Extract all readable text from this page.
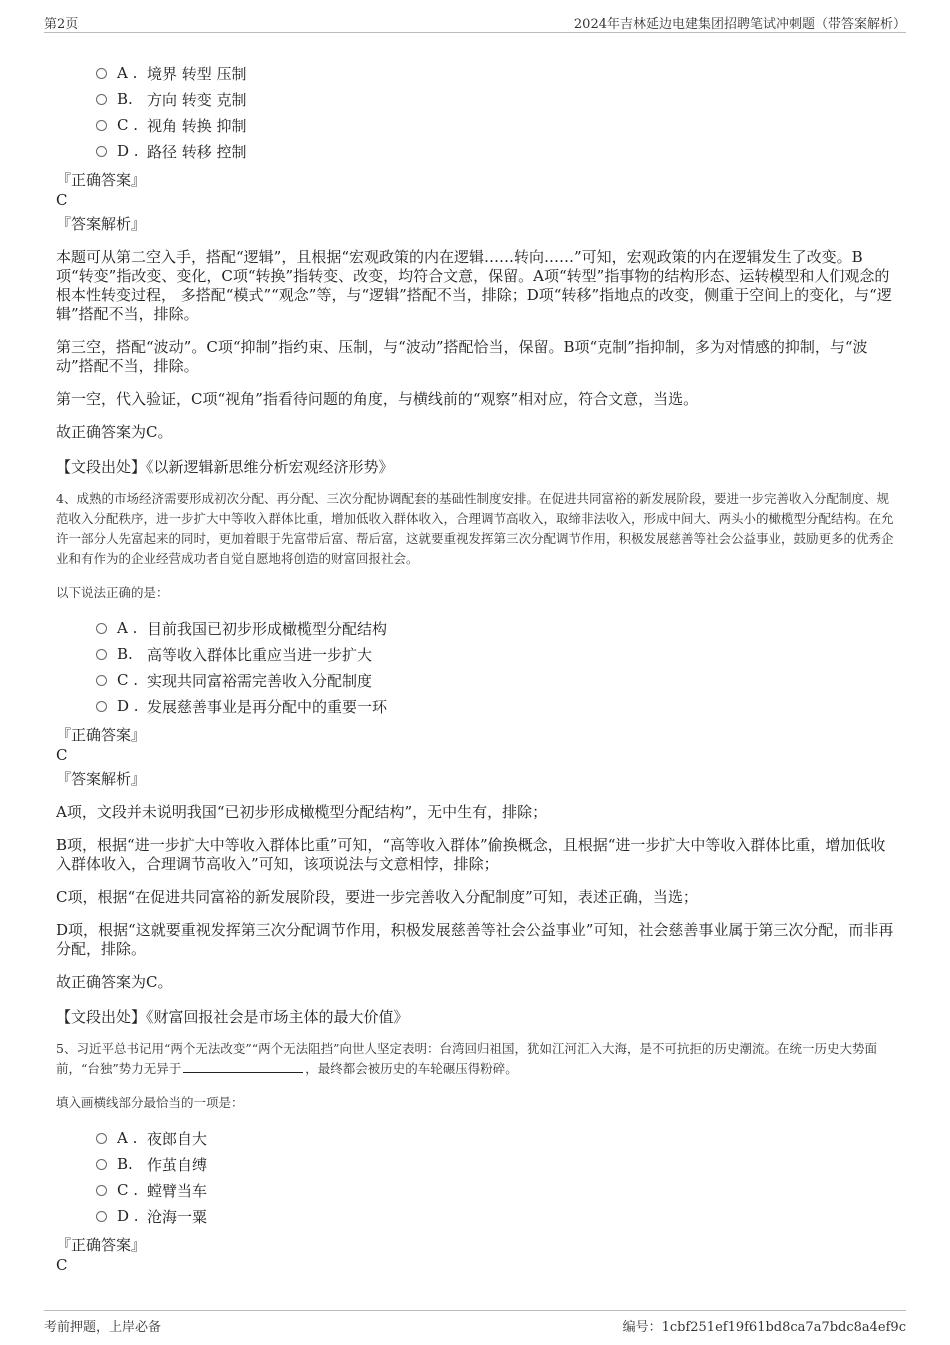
第2页	2024年吉林延边电建集团招聘笔试冲刺题（带答案解析）
A . 境界 转型 压制
B. 方向 转变 克制
C . 视角 转换 抑制
D . 路径 转移 控制
『正确答案』
C
『答案解析』

本题可从第二空入手，搭配“逻辑”，且根据“宏观政策的内在逻辑……转向……”可知，宏观政策的内在逻辑发生了改变。B项“转变”指改变、变化，C项“转换”指转变、改变，均符合文意，保留。A项“转型”指事物的结构形态、运转模型和人们观念的根本性转变过程， 多搭配“模式”“观念”等，与“逻辑”搭配不当，排除；D项“转移”指地点的改变，侧重于空间上的变化，与“逻辑”搭配不当，排除。

第三空，搭配“波动”。C项“抑制”指约束、压制，与“波动”搭配恰当，保留。B项“克制”指抑制，多为对情感的抑制，与“波动”搭配不当，排除。

第一空，代入验证，C项“视角”指看待问题的角度，与横线前的“观察”相对应，符合文意，当选。

故正确答案为C。

【文段出处】《以新逻辑新思维分析宏观经济形势》

4、成熟的市场经济需要形成初次分配、再分配、三次分配协调配套的基础性制度安排。在促进共同富裕的新发展阶段，要进一步完善收入分配制度、规范收入分配秩序，进一步扩大中等收入群体比重，增加低收入群体收入，合理调节高收入，取缔非法收入，形成中间大、两头小的橄榄型分配结构。在允许一部分人先富起来的同时，更加着眼于先富带后富、帮后富，这就要重视发挥第三次分配调节作用，积极发展慈善等社会公益事业，鼓励更多的优秀企业和有作为的企业经营成功者自觉自愿地将创造的财富回报社会。

以下说法正确的是：

A . 目前我国已初步形成橄榄型分配结构
B. 高等收入群体比重应当进一步扩大
C . 实现共同富裕需完善收入分配制度
D . 发展慈善事业是再分配中的重要一环
『正确答案』
C
『答案解析』

A项，文段并未说明我国“已初步形成橄榄型分配结构”，无中生有，排除；

B项，根据“进一步扩大中等收入群体比重”可知，“高等收入群体”偷换概念，且根据“进一步扩大中等收入群体比重，增加低收入群体收入，合理调节高收入”可知，该项说法与文意相悖，排除；

C项，根据“在促进共同富裕的新发展阶段，要进一步完善收入分配制度”可知，表述正确，当选；

D项，根据“这就要重视发挥第三次分配调节作用，积极发展慈善等社会公益事业”可知，社会慈善事业属于第三次分配，而非再分配，排除。

故正确答案为C。

【文段出处】《财富回报社会是市场主体的最大价值》

5、习近平总书记用“两个无法改变”“两个无法阻挡”向世人坚定表明：台湾回归祖国，犹如江河汇入大海，是不可抗拒的历史潮流。在统一历史大势面前，“台独”势力无异于	，最终都会被历史的车轮碾压得粉碎。

填入画横线部分最恰当的一项是：

A . 夜郎自大
B. 作茧自缚
C . 螳臂当车
D . 沧海一粟
『正确答案』
C
考前押题，上岸必备	编号：1cbf251ef19f61bd8ca7a7bdc8a4ef9c
